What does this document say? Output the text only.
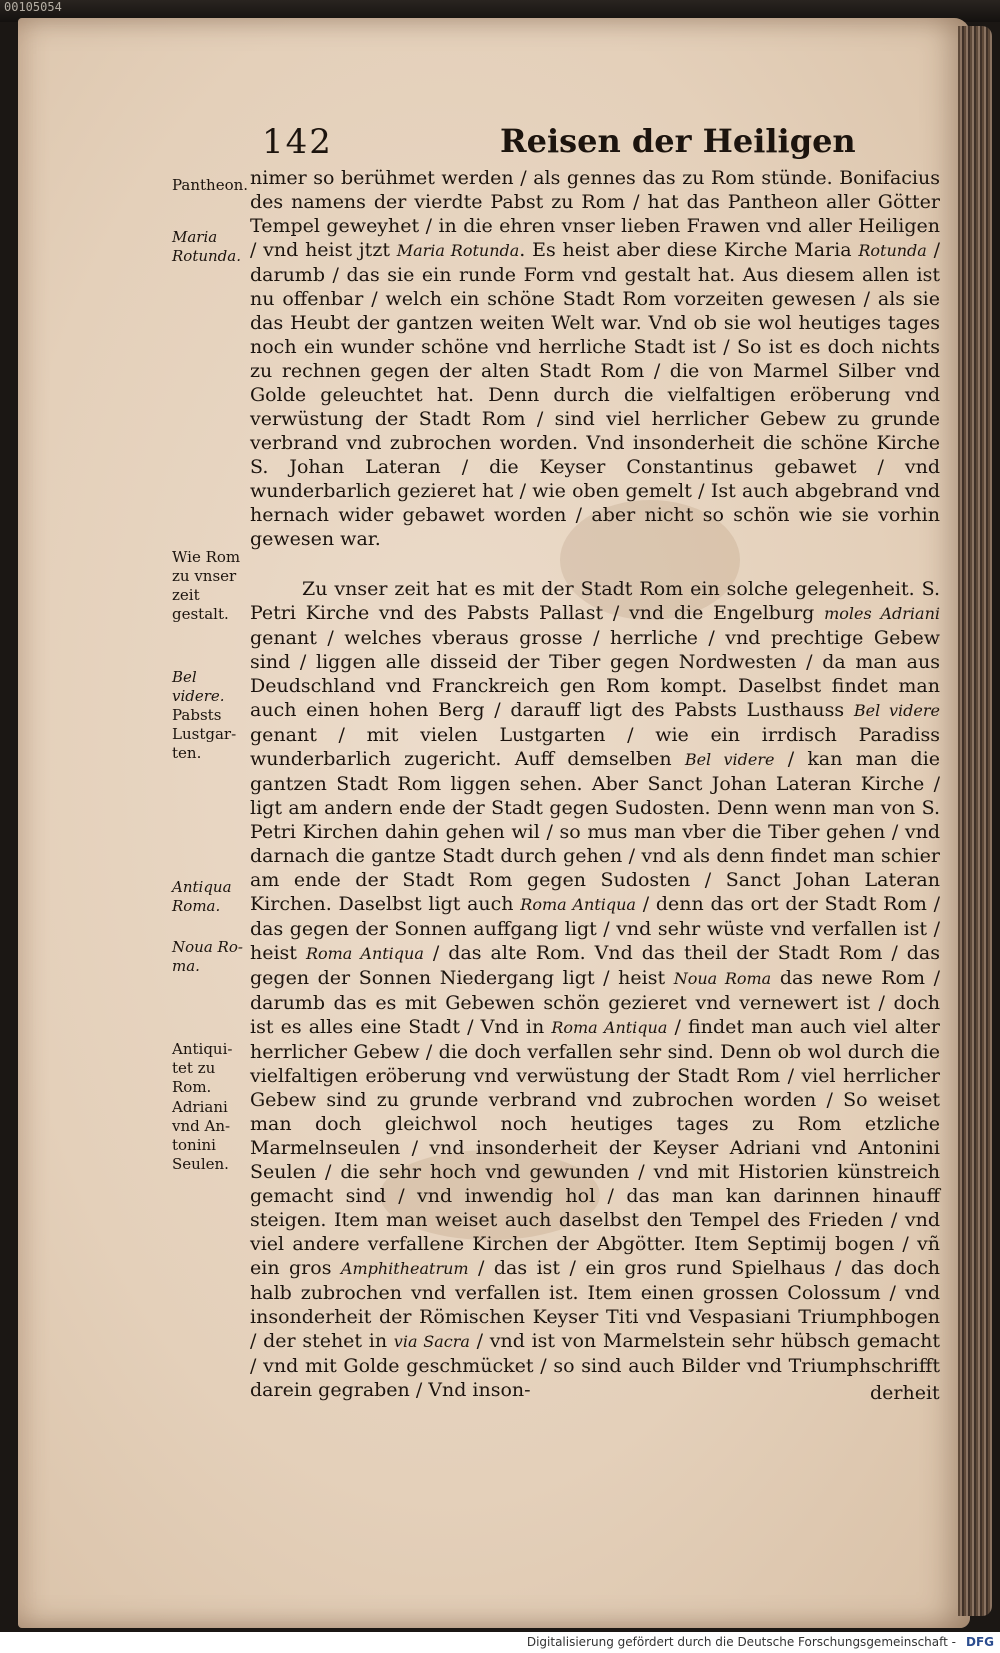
00105054
142	Reisen der Heiligen
Pantheon.
Maria Rotunda.
Wie Rom zu vnser zeit gestalt.
Bel videre.
Pabsts Lustgarten.
Antiqua Roma.
Noua Roma.
Antiquitet zu Rom.
Adriani vnd Antonini Seulen.

nimer so berühmet werden / als gennes das zu Rom stünde. Bonifacius des namens der vierdte Pabst zu Rom / hat das Pantheon aller Götter Tempel geweyhet / in die ehren vnser lieben Frawen vnd aller Heiligen / vnd heist jtzt Maria Rotunda. Es heist aber diese Kirche Maria Rotunda / darumb / das sie ein runde Form vnd gestalt hat. Aus diesem allen ist nu offenbar / welch ein schöne Stadt Rom vorzeiten gewesen / als sie das Heubt der gantzen weiten Welt war. Vnd ob sie wol heutiges tages noch ein wunder schöne vnd herrliche Stadt ist / So ist es doch nichts zu rechnen gegen der alten Stadt Rom / die von Marmel Silber vnd Golde geleuchtet hat. Denn durch die vielfaltigen eröberung vnd verwüstung der Stadt Rom / sind viel herrlicher Gebew zu grunde verbrand vnd zubrochen worden. Vnd insonderheit die schöne Kirche S. Johan Lateran / die Keyser Constantinus gebawet / vnd wunderbarlich gezieret hat / wie oben gemelt / Ist auch abgebrand vnd hernach wider gebawet worden / aber nicht so schön wie sie vorhin gewesen war.

Zu vnser zeit hat es mit der Stadt Rom ein solche gelegenheit. S. Petri Kirche vnd des Pabsts Pallast / vnd die Engelburg moles Adriani genant / welches vberaus grosse / herrliche / vnd prechtige Gebew sind / liggen alle disseid der Tiber gegen Nordwesten / da man aus Deudschland vnd Franckreich gen Rom kompt. Daselbst findet man auch einen hohen Berg / darauff ligt des Pabsts Lusthauss Bel videre genant / mit vielen Lustgarten / wie ein irrdisch Paradiss wunderbarlich zugericht. Auff demselben Bel videre / kan man die gantzen Stadt Rom liggen sehen. Aber Sanct Johan Lateran Kirche / ligt am andern ende der Stadt gegen Sudosten. Denn wenn man von S. Petri Kirchen dahin gehen wil / so mus man vber die Tiber gehen / vnd darnach die gantze Stadt durch gehen / vnd als denn findet man schier am ende der Stadt Rom gegen Sudosten / Sanct Johan Lateran Kirchen. Daselbst ligt auch Roma Antiqua / denn das ort der Stadt Rom / das gegen der Sonnen auffgang ligt / vnd sehr wüste vnd verfallen ist / heist Roma Antiqua / das alte Rom. Vnd das theil der Stadt Rom / das gegen der Sonnen Niedergang ligt / heist Noua Roma das newe Rom / darumb das es mit Gebewen schön gezieret vnd vernewert ist / doch ist es alles eine Stadt / Vnd in Roma Antiqua / findet man auch viel alter herrlicher Gebew / die doch verfallen sehr sind. Denn ob wol durch die vielfaltigen eröberung vnd verwüstung der Stadt Rom / viel herrlicher Gebew sind zu grunde verbrand vnd zubrochen worden / So weiset man doch gleichwol noch heutiges tages zu Rom etzliche Marmelnseulen / vnd insonderheit der Keyser Adriani vnd Antonini Seulen / die sehr hoch vnd gewunden / vnd mit Historien künstreich gemacht sind / vnd inwendig hol / das man kan darinnen hinauff steigen. Item man weiset auch daselbst den Tempel des Frieden / vnd viel andere verfallene Kirchen der Abgötter. Item Septimij bogen / vñ ein gros Amphitheatrum / das ist / ein gros rund Spielhaus / das doch halb zubrochen vnd verfallen ist. Item einen grossen Colossum / vnd insonderheit der Römischen Keyser Titi vnd Vespasiani Triumphbogen / der stehet in via Sacra / vnd ist von Marmelstein sehr hübsch gemacht / vnd mit Golde geschmücket / so sind auch Bilder vnd Triumphschrifft darein gegraben / Vnd inson-	derheit
Digitalisierung gefördert durch die Deutsche Forschungsgemeinschaft - DFG
